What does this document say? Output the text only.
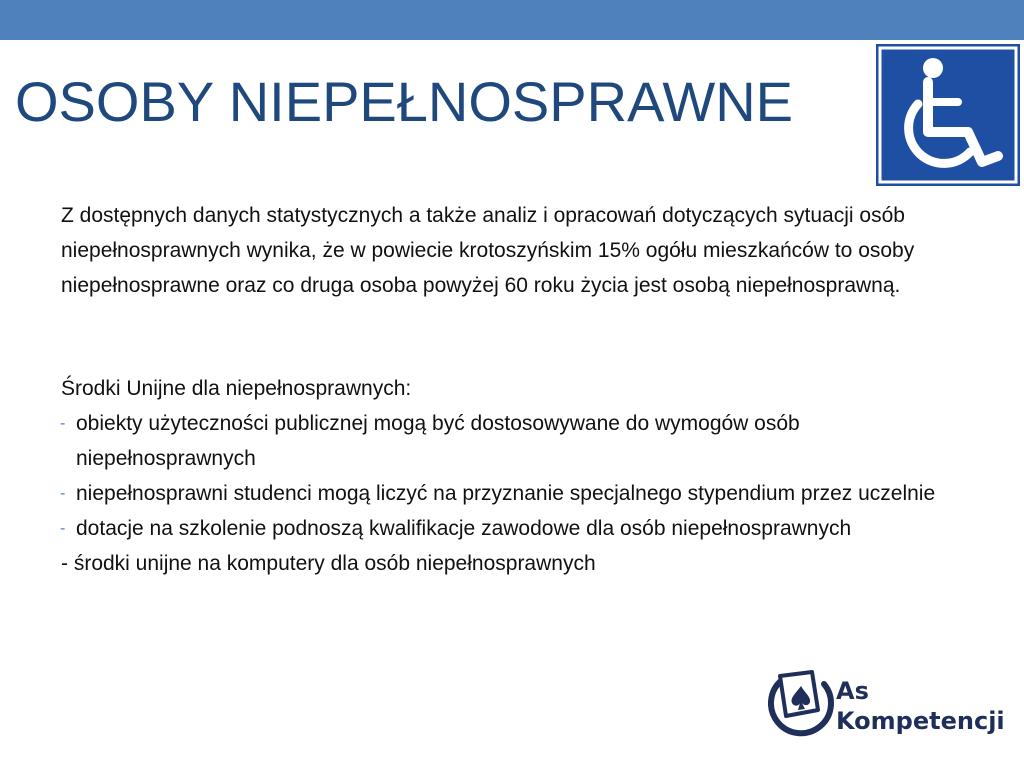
OSOBY NIEPEŁNOSPRAWNE

Z dostępnych danych statystycznych a także analiz i opracowań dotyczących sytuacji osób niepełnosprawnych wynika, że w powiecie krotoszyńskim 15% ogółu mieszkańców to osoby niepełnosprawne oraz co druga osoba powyżej 60 roku życia jest osobą niepełnosprawną.

Środki Unijne dla niepełnosprawnych:

- obiekty użyteczności publicznej mogą być dostosowywane do wymogów osób niepełnosprawnych
- niepełnosprawni studenci mogą liczyć na przyznanie specjalnego stypendium przez uczelnie
- dotacje na szkolenie podnoszą kwalifikacje zawodowe dla osób niepełnosprawnych

- środki unijne na komputery dla osób niepełnosprawnych

As
Kompetencji
